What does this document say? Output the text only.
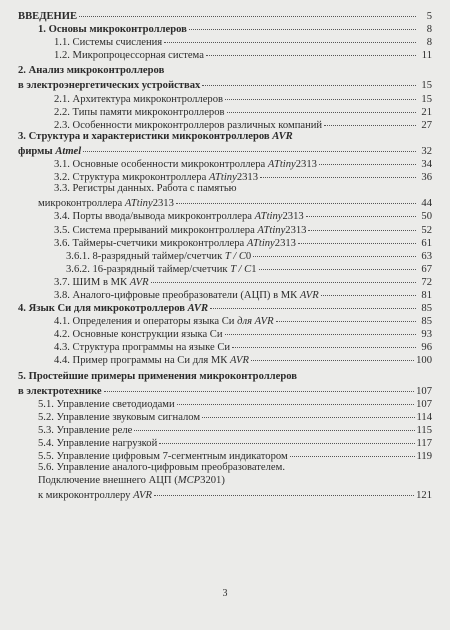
ВВЕДЕНИЕ	5
1. Основы микроконтроллеров	8
1.1. Системы счисления	8
1.2. Микропроцессорная система	11
2. Анализ микроконтроллеров
в электроэнергетических устройствах	15
2.1. Архитектура микроконтроллеров	15
2.2. Типы памяти микроконтроллеров	21
2.3. Особенности микроконтроллеров различных компаний	27
3. Структура и характеристики микроконтроллеров AVR
фирмы Atmel	32
3.1. Основные особенности микроконтроллера ATtiny2313	34
3.2. Структура микроконтроллера ATtiny2313	36
3.3. Регистры данных. Работа с памятью
микроконтроллера ATtiny2313	44
3.4. Порты ввода/вывода микроконтроллера ATtiny2313	50
3.5. Система прерываний микроконтроллера ATtiny2313	52
3.6. Таймеры-счетчики микроконтроллера ATtiny2313	61
3.6.1. 8-разрядный таймер/счетчик T / C0	63
3.6.2. 16-разрядный таймер/счетчик T / C1	67
3.7. ШИМ в МК AVR	72
3.8. Аналого-цифровые преобразователи (АЦП) в МК AVR	81
4. Язык Си для микрокотроллеров AVR	85
4.1. Определения и операторы языка Си для AVR	85
4.2. Основные конструкции языка Си	93
4.3. Структура программы на языке Си	96
4.4. Пример программы на Си для МК AVR	100
5. Простейшие примеры применения микроконтроллеров
в электротехнике	107
5.1. Управление светодиодами	107
5.2. Управление звуковым сигналом	114
5.3. Управление реле	115
5.4. Управление нагрузкой	117
5.5. Управление цифровым 7-сегментным индикатором	119
5.6. Управление аналого-цифровым преобразователем.
Подключение внешнего АЦП (MCP3201)
к микроконтроллеру AVR	121
3
